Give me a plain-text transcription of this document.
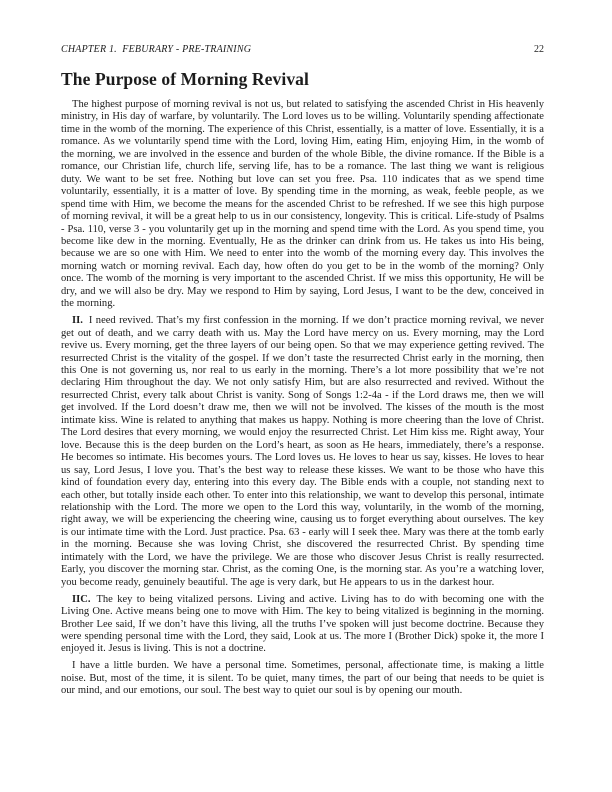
CHAPTER 1.  FEBURARY - PRE-TRAINING	22
The Purpose of Morning Revival

The highest purpose of morning revival is not us, but related to satisfying the ascended Christ in His heavenly ministry, in His day of warfare, by voluntarily. The Lord loves us to be willing. Voluntarily spending affectionate time in the womb of the morning. The experience of this Christ, essentially, is a matter of love. Essentially, it is a romance. As we voluntarily spend time with the Lord, loving Him, eating Him, enjoying Him, in the womb of the morning, we are involved in the essence and burden of the whole Bible, the divine romance. If the Bible is a romance, our Christian life, church life, serving life, has to be a romance. The last thing we want is religious duty. We want to be set free. Nothing but love can set you free. Psa. 110 indicates that as we spend time voluntarily, essentially, it is a matter of love. By spending time in the morning, as weak, feeble people, as we spend time with Him, we become the means for the ascended Christ to be refreshed. If we see this high purpose of morning revival, it will be a great help to us in our consistency, longevity. This is critical. Life-study of Psalms - Psa. 110, verse 3 - you voluntarily get up in the morning and spend time with the Lord. As you spend time, you become like dew in the morning. Eventually, He as the drinker can drink from us. He takes us into His being, because we are so one with Him. We need to enter into the womb of the morning every day. This involves the morning watch or morning revival. Each day, how often do you get to be in the womb of the morning? Only once. The womb of the morning is very important to the ascended Christ. If we miss this opportunity, He will be dry, and we will also be dry. May we respond to Him by saying, Lord Jesus, I want to be the dew, conceived in the morning.

II. I need revived. That’s my first confession in the morning. If we don’t practice morning revival, we never get out of death, and we carry death with us. May the Lord have mercy on us. Every morning, may the Lord revive us. Every morning, get the three layers of our being open. So that we may experience getting revived. The resurrected Christ is the vitality of the gospel. If we don’t taste the resurrected Christ early in the morning, then this One is not governing us, nor real to us early in the morning. There’s a lot more possibility that we’re not declaring Him throughout the day. We not only satisfy Him, but are also resurrected and revived. Without the resurrected Christ, every talk about Christ is vanity. Song of Songs 1:2-4a - if the Lord draws me, then we will get involved. If the Lord doesn’t draw me, then we will not be involved. The kisses of the mouth is the most intimate kiss. Wine is related to anything that makes us happy. Nothing is more cheering than the love of Christ. The Lord desires that every morning, we would enjoy the resurrected Christ. Let Him kiss me. Right away, Your love. Because this is the deep burden on the Lord’s heart, as soon as He hears, immediately, there’s a response. He becomes so intimate. His becomes yours. The Lord loves us. He loves to hear us say, kisses. He loves to hear us say, Lord Jesus, I love you. That’s the best way to release these kisses. We want to be those who have this kind of foundation every day, entering into this every day. The Bible ends with a couple, not standing next to each other, but totally inside each other. To enter into this relationship, we want to develop this personal, intimate relationship with the Lord. The more we open to the Lord this way, voluntarily, in the womb of the morning, right away, we will be experiencing the cheering wine, causing us to forget everything about ourselves. The key is our intimate time with the Lord. Just practice. Psa. 63 - early will I seek thee. Mary was there at the tomb early in the morning. Because she was loving Christ, she discovered the resurrected Christ. By spending time intimately with the Lord, we have the privilege. We are those who discover Jesus Christ is really resurrected. Early, you discover the morning star. Christ, as the coming One, is the morning star. As you’re a watching lover, you become ready, genuinely beautiful. The age is very dark, but He appears to us in the darkest hour.

IIC. The key to being vitalized persons. Living and active. Living has to do with becoming one with the Living One. Active means being one to move with Him. The key to being vitalized is beginning in the morning. Brother Lee said, If we don’t have this living, all the truths I’ve spoken will just become doctrine. Because they were spending personal time with the Lord, they said, Look at us. The more I (Brother Dick) spoke it, the more I enjoyed it. Jesus is living. This is not a doctrine.

I have a little burden. We have a personal time. Sometimes, personal, affectionate time, is making a little noise. But, most of the time, it is silent. To be quiet, many times, the part of our being that needs to be quiet is our mind, and our emotions, our soul. The best way to quiet our soul is by opening our mouth.
